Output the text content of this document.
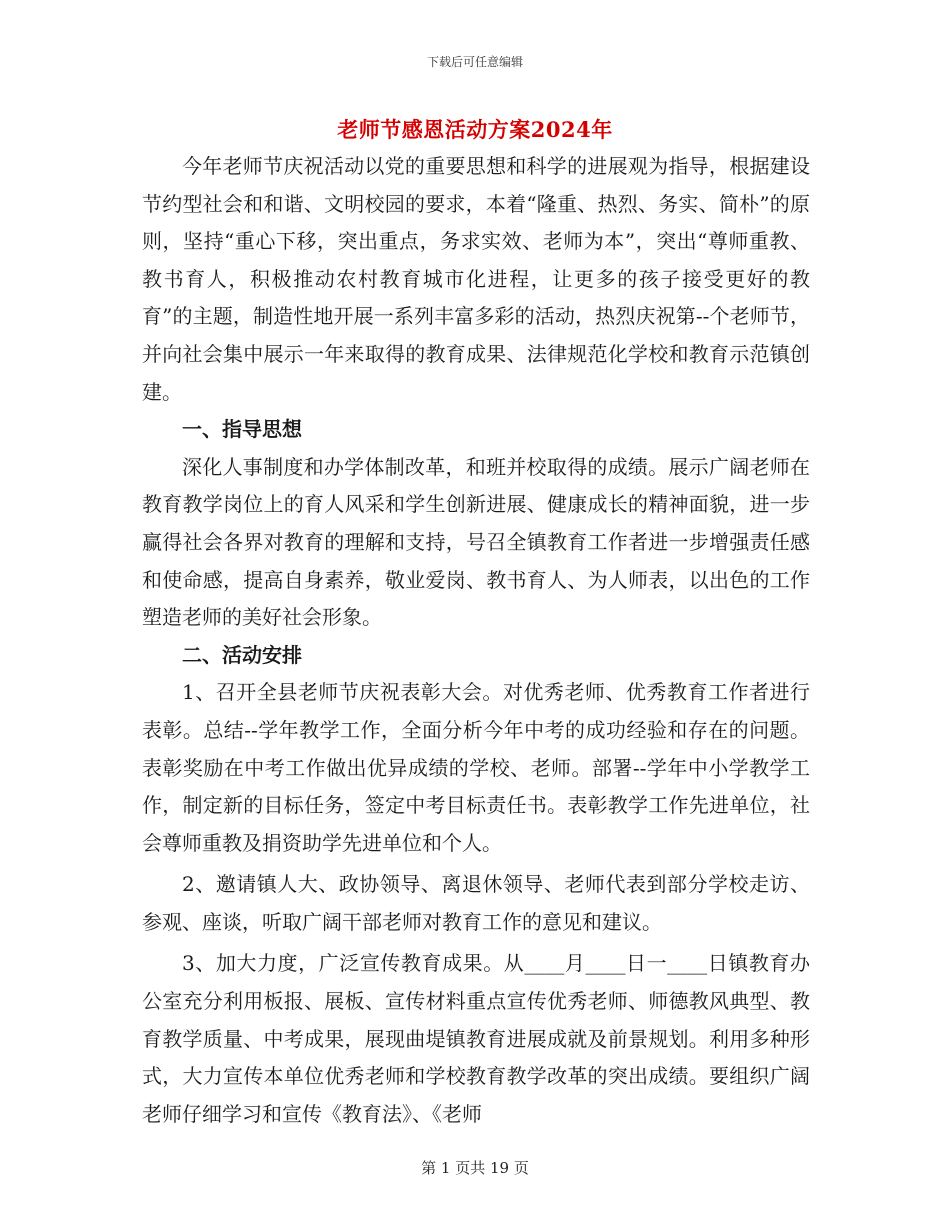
下载后可任意编辑
老师节感恩活动方案2024年

今年老师节庆祝活动以党的重要思想和科学的进展观为指导，根据建设节约型社会和和谐、文明校园的要求，本着“隆重、热烈、务实、简朴”的原则，坚持“重心下移，突出重点，务求实效、老师为本”，突出“尊师重教、教书育人，积极推动农村教育城市化进程，让更多的孩子接受更好的教育”的主题，制造性地开展一系列丰富多彩的活动，热烈庆祝第--个老师节，并向社会集中展示一年来取得的教育成果、法律规范化学校和教育示范镇创建。

一、指导思想

深化人事制度和办学体制改革，和班并校取得的成绩。展示广阔老师在教育教学岗位上的育人风采和学生创新进展、健康成长的精神面貌，进一步赢得社会各界对教育的理解和支持，号召全镇教育工作者进一步增强责任感和使命感，提高自身素养，敬业爱岗、教书育人、为人师表，以出色的工作塑造老师的美好社会形象。

二、活动安排

1、召开全县老师节庆祝表彰大会。对优秀老师、优秀教育工作者进行表彰。总结--学年教学工作，全面分析今年中考的成功经验和存在的问题。表彰奖励在中考工作做出优异成绩的学校、老师。部署--学年中小学教学工作，制定新的目标任务，签定中考目标责任书。表彰教学工作先进单位，社会尊师重教及捐资助学先进单位和个人。

2、邀请镇人大、政协领导、离退休领导、老师代表到部分学校走访、参观、座谈，听取广阔干部老师对教育工作的意见和建议。

3、加大力度，广泛宣传教育成果。从____月____日一____日镇教育办公室充分利用板报、展板、宣传材料重点宣传优秀老师、师德教风典型、教育教学质量、中考成果，展现曲堤镇教育进展成就及前景规划。利用多种形式，大力宣传本单位优秀老师和学校教育教学改革的突出成绩。要组织广阔老师仔细学习和宣传《教育法》、《老师

第 1 页共 19 页
